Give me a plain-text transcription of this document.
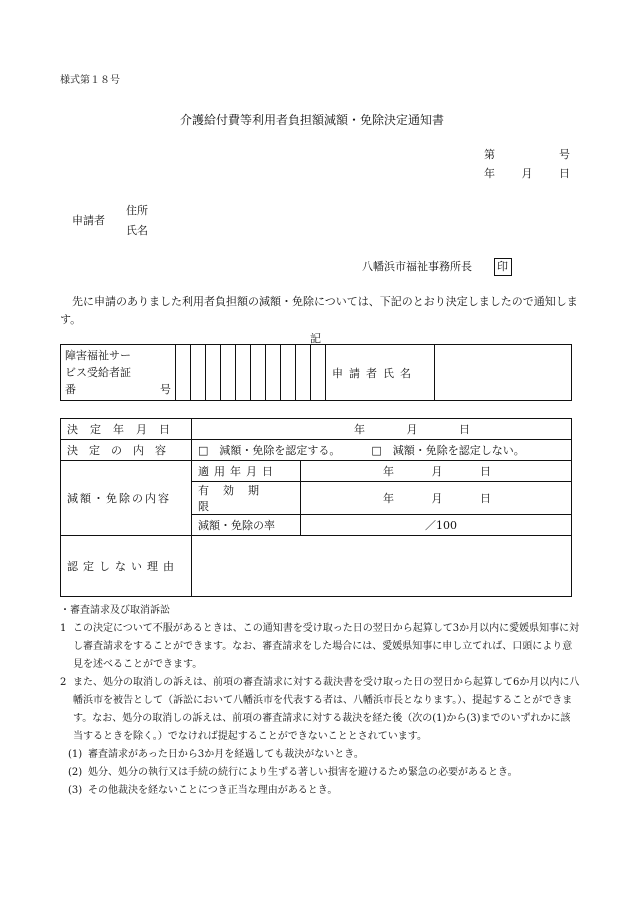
様式第１８号
介護給付費等利用者負担額減額・免除決定通知書
第	号
年 月 日
申請者
住所
氏名
八幡浜市福祉事務所長 印
先に申請のありました利用者負担額の減額・免除については、下記のとおり決定しましたので通知します。
記
障害福祉サー
ビス受給者証
番	号
											申請者氏名	
決定年月日	年 月 日	

決定の内容	□　減額・免除を認定する。 □　減額・免除を認定しない。	
減額・免除の内容	適用年月日	年 月 日

	有効期限	年 月 日

	減額・免除の率	／100
認定しない理由		

・審査請求及び取消訴訟

1 この決定について不服があるときは、この通知書を受け取った日の翌日から起算して3か月以内に愛媛県知事に対し審査請求をすることができます。なお、審査請求をした場合には、愛媛県知事に申し立てれば、口頭により意見を述べることができます。
2 また、処分の取消しの訴えは、前項の審査請求に対する裁決書を受け取った日の翌日から起算して6か月以内に八幡浜市を被告として（訴訟において八幡浜市を代表する者は、八幡浜市長となります。）、提起することができます。なお、処分の取消しの訴えは、前項の審査請求に対する裁決を経た後（次の(1)から(3)までのいずれかに該当するときを除く。）でなければ提起することができないこととされています。
(1) 審査請求があった日から3か月を経過しても裁決がないとき。
(2) 処分、処分の執行又は手続の続行により生ずる著しい損害を避けるため緊急の必要があるとき。
(3) その他裁決を経ないことにつき正当な理由があるとき。
